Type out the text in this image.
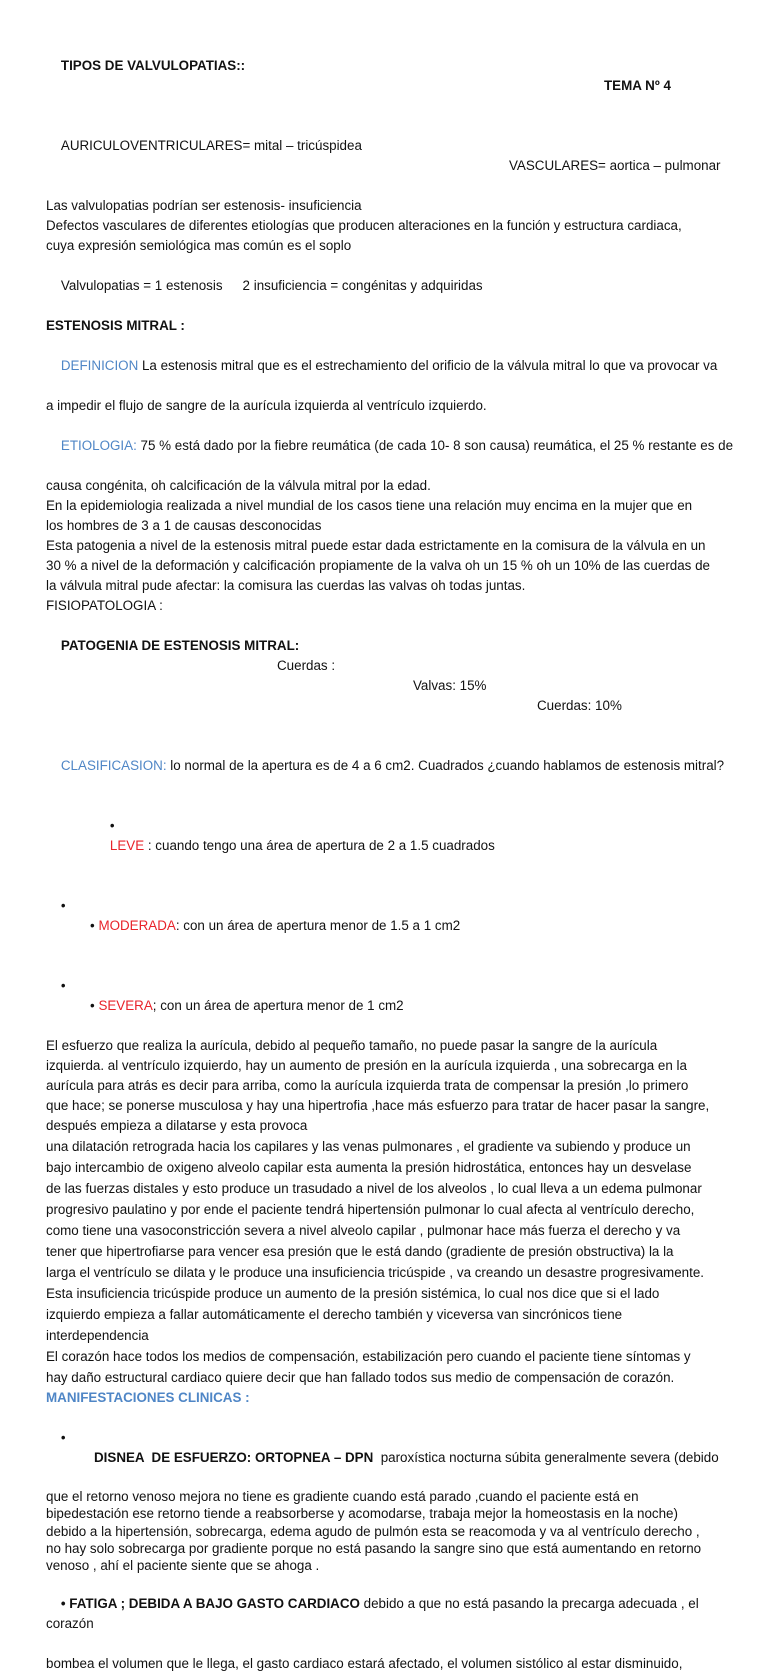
TIPOS DE VALVULOPATIAS::

TEMA Nº 4

AURICULOVENTRICULARES= mital – tricúspidea

VASCULARES= aortica – pulmonar

Las valvulopatias podrían ser estenosis- insuficiencia
Defectos vasculares de diferentes etiologías que producen alteraciones en la función y estructura cardiaca,
cuya expresión semiológica mas común es el soplo

Valvulopatias = 1 estenosis 2 insuficiencia = congénitas y adquiridas

ESTENOSIS MITRAL :

DEFINICION La estenosis mitral que es el estrechamiento del orificio de la válvula mitral lo que va provocar va

a impedir el flujo de sangre de la aurícula izquierda al ventrículo izquierdo.

ETIOLOGIA: 75 % está dado por la fiebre reumática (de cada 10- 8 son causa) reumática, el 25 % restante es de

causa congénita, oh calcificación de la válvula mitral por la edad.
En la epidemiologia realizada a nivel mundial de los casos tiene una relación muy encima en la mujer que en
los hombres de 3 a 1 de causas desconocidas
Esta patogenia a nivel de la estenosis mitral puede estar dada estrictamente en la comisura de la válvula en un
30 % a nivel de la deformación y calcificación propiamente de la valva oh un 15 % oh un 10% de las cuerdas de
la válvula mitral pude afectar: la comisura las cuerdas las valvas oh todas juntas.
FISIOPATOLOGIA :

PATOGENIA DE ESTENOSIS MITRAL:

Cuerdas :

Valvas: 15%

Cuerdas: 10%

CLASIFICASION: lo normal de la apertura es de 4 a 6 cm2. Cuadrados ¿cuando hablamos de estenosis mitral?

•
LEVE : cuando tengo una área de apertura de 2 a 1.5 cuadrados

•

• MODERADA: con un área de apertura menor de 1.5 a 1 cm2

•

• SEVERA; con un área de apertura menor de 1 cm2

El esfuerzo que realiza la aurícula, debido al pequeño tamaño, no puede pasar la sangre de la aurícula
izquierda. al ventrículo izquierdo, hay un aumento de presión en la aurícula izquierda , una sobrecarga en la
aurícula para atrás es decir para arriba, como la aurícula izquierda trata de compensar la presión ,lo primero
que hace; se ponerse musculosa y hay una hipertrofia ,hace más esfuerzo para tratar de hacer pasar la sangre,
después empieza a dilatarse y esta provoca
una dilatación retrograda hacia los capilares y las venas pulmonares , el gradiente va subiendo y produce un
bajo intercambio de oxigeno alveolo capilar esta aumenta la presión hidrostática, entonces hay un desvelase
de las fuerzas distales y esto produce un trasudado a nivel de los alveolos , lo cual lleva a un edema pulmonar
progresivo paulatino y por ende el paciente tendrá hipertensión pulmonar lo cual afecta al ventrículo derecho,
como tiene una vasoconstricción severa a nivel alveolo capilar , pulmonar hace más fuerza el derecho y va
tener que hipertrofiarse para vencer esa presión que le está dando (gradiente de presión obstructiva) la la
larga el ventrículo se dilata y le produce una insuficiencia tricúspide , va creando un desastre progresivamente.
Esta insuficiencia tricúspide produce un aumento de la presión sistémica, lo cual nos dice que si el lado
izquierdo empieza a fallar automáticamente el derecho también y viceversa van sincrónicos tiene
interdependencia
El corazón hace todos los medios de compensación, estabilización pero cuando el paciente tiene síntomas y
hay daño estructural cardiaco quiere decir que han fallado todos sus medio de compensación de corazón.
MANIFESTACIONES CLINICAS :

•

DISNEA  DE ESFUERZO: ORTOPNEA – DPN  paroxística nocturna súbita generalmente severa (debido

que el retorno venoso mejora no tiene es gradiente cuando está parado ,cuando el paciente está en
bipedestación ese retorno tiende a reabsorberse y acomodarse, trabaja mejor la homeostasis en la noche)
debido a la hipertensión, sobrecarga, edema agudo de pulmón esta se reacomoda y va al ventrículo derecho ,
no hay solo sobrecarga por gradiente porque no está pasando la sangre sino que está aumentando en retorno
venoso , ahí el paciente siente que se ahoga .

• FATIGA ; DEBIDA A BAJO GASTO CARDIACO debido a que no está pasando la precarga adecuada , el corazón

bombea el volumen que le llega, el gasto cardiaco estará afectado, el volumen sistólico al estar disminuido,
